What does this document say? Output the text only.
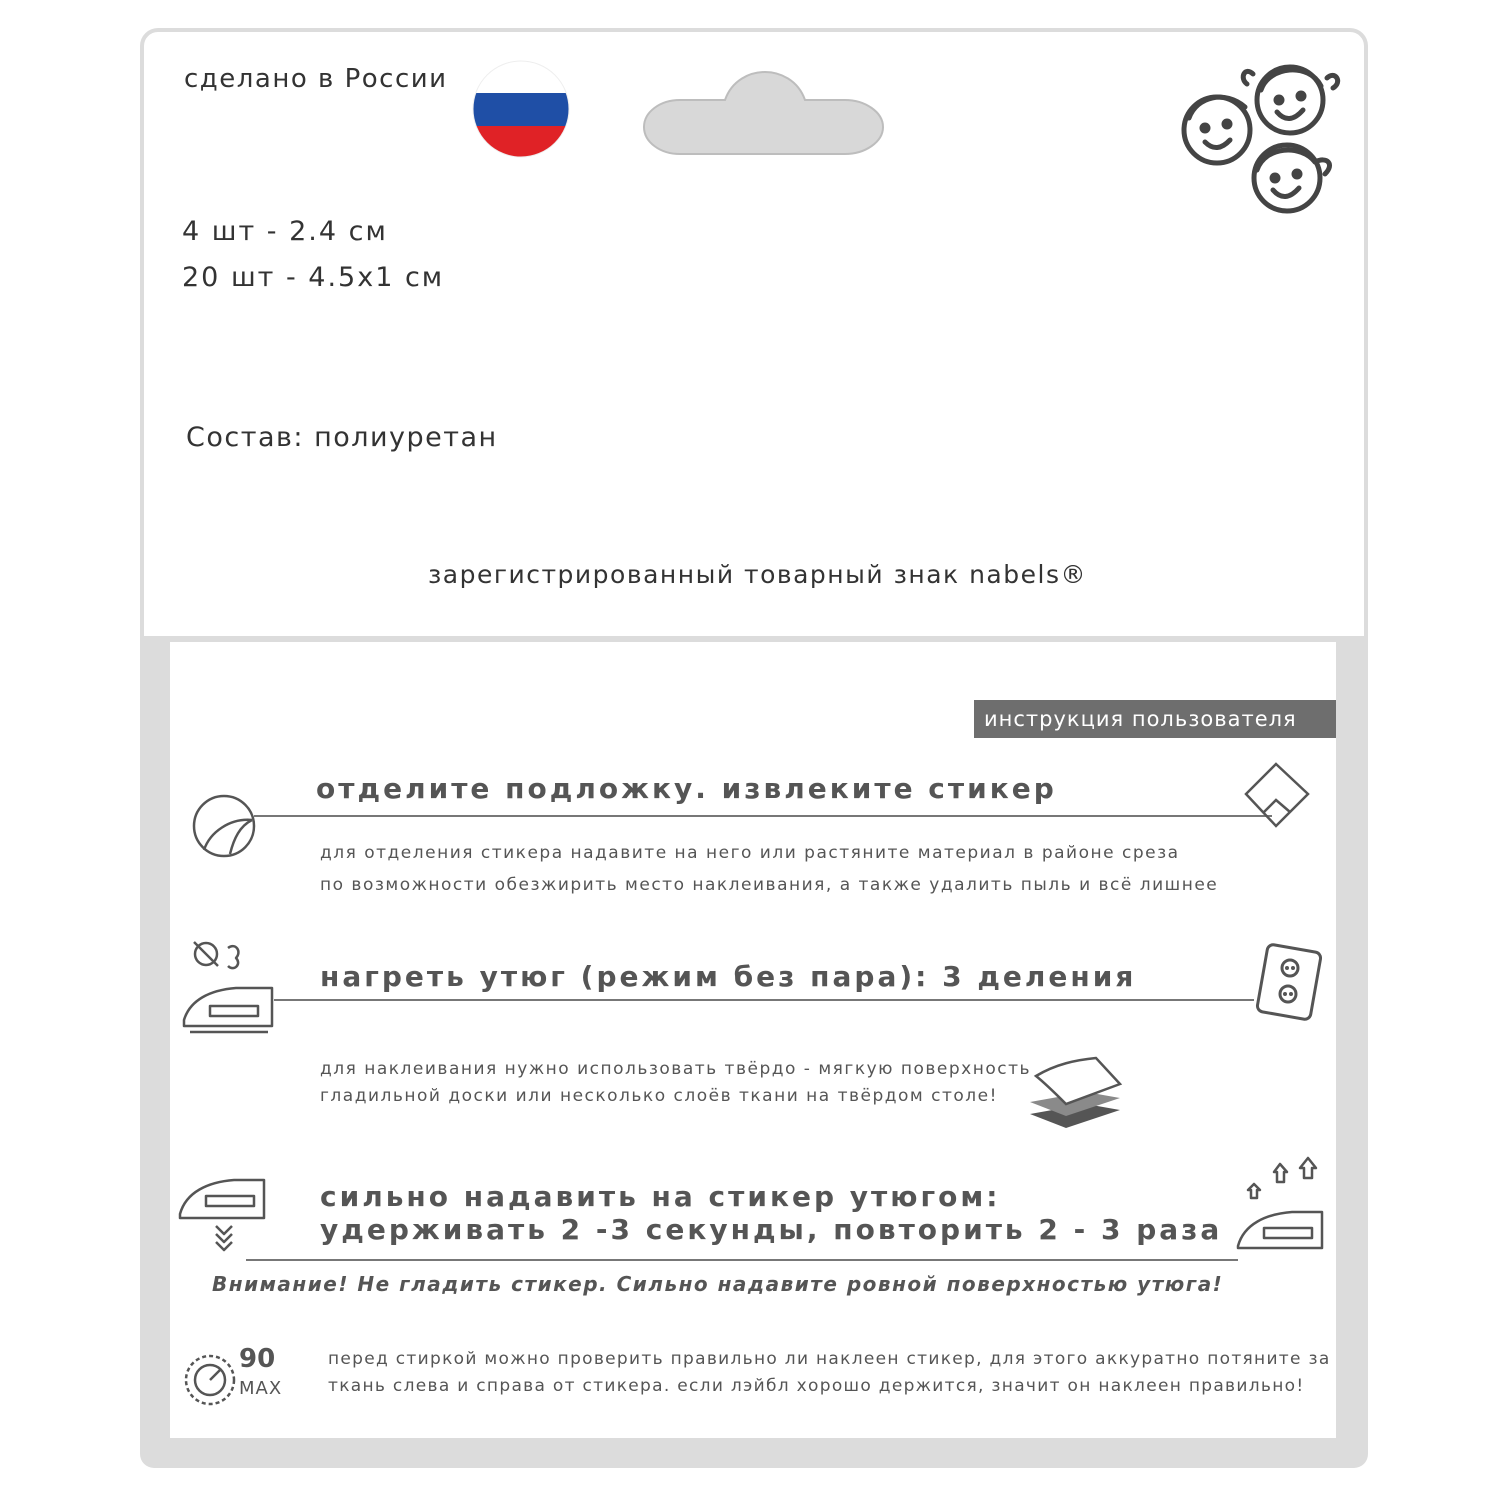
сделано в России
4 шт - 2.4 см
20 шт - 4.5x1 см
Состав: полиуретан
зарегистрированный товарный знак nabels®
инструкция пользователя
отделите подложку. извлеките стикер
для отделения стикера надавите на него или растяните материал в районе среза
по возможности обезжирить место наклеивания, а также удалить пыль и всё лишнее
нагреть утюг (режим без пара): 3 деления
для наклеивания нужно использовать твёрдо - мягкую поверхность
гладильной доски или несколько слоёв ткани на твёрдом столе!
сильно надавить на стикер утюгом:
удерживать 2 -3 секунды, повторить 2 - 3 раза
Внимание! Не гладить стикер. Сильно надавите ровной поверхностью утюга!
90
MAX
перед стиркой можно проверить правильно ли наклеен стикер, для этого аккуратно потяните за
ткань слева и справа от стикера. если лэйбл хорошо держится, значит он наклеен правильно!
